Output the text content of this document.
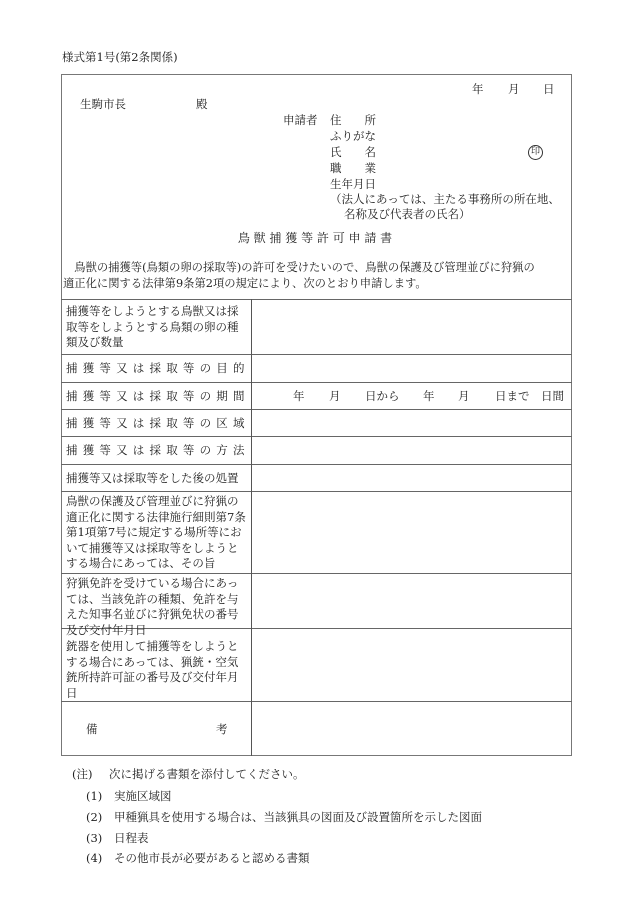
様式第1号(第2条関係)
年 月 日
生駒市長	殿
申請者 住　　所
ふりがな
氏　　名	印
職　　業
生年月日
（法人にあっては、主たる事務所の所在地、
名称及び代表者の氏名）
鳥 獣 捕 獲 等 許 可 申 請 書
　鳥獣の捕獲等(鳥類の卵の採取等)の許可を受けたいので、鳥獣の保護及び管理並びに狩猟の
適正化に関する法律第9条第2項の規定により、次のとおり申請します。
捕獲等をしようとする鳥獣又は採取等をしようとする鳥類の卵の種類及び数量
捕獲等又は採取等の目的
捕獲等又は採取等の期間	年 月 日から 年 月 日まで 日間
捕獲等又は採取等の区域
捕獲等又は採取等の方法
捕獲等又は採取等をした後の処置
鳥獣の保護及び管理並びに狩猟の適正化に関する法律施行細則第7条第1項第7号に規定する場所等において捕獲等又は採取等をしようとする場合にあっては、その旨
狩猟免許を受けている場合にあっては、当該免許の種類、免許を与えた知事名並びに狩猟免状の番号及び交付年月日
銃器を使用して捕獲等をしようとする場合にあっては、猟銃・空気銃所持許可証の番号及び交付年月日
備	考
(注) 次に掲げる書類を添付してください。
(1) 実施区域図
(2) 甲種猟具を使用する場合は、当該猟具の図面及び設置箇所を示した図面
(3) 日程表
(4) その他市長が必要があると認める書類
